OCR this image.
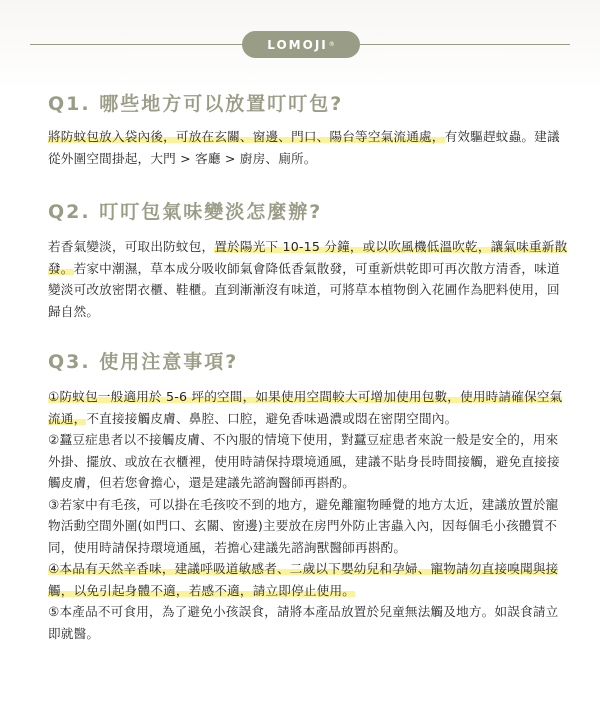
LOMOJI ®
Q1. 哪些地方可以放置叮叮包?

將防蚊包放入袋內後，可放在玄關、窗邊、門口、陽台等空氣流通處，有效驅趕蚊蟲。建議從外圍空間掛起，大門 > 客廳 > 廚房、廁所。

Q2. 叮叮包氣味變淡怎麼辦?

若香氣變淡，可取出防蚊包，置於陽光下 10-15 分鐘，或以吹風機低溫吹乾，讓氣味重新散發。若家中潮濕，草本成分吸收師氣會降低香氣散發，可重新烘乾即可再次散方清香，味道變淡可改放密閉衣櫃、鞋櫃。直到漸漸沒有味道，可將草本植物倒入花圃作為肥料使用，回歸自然。

Q3. 使用注意事項?

①防蚊包一般適用於 5-6 坪的空間，如果使用空間較大可增加使用包數，使用時請確保空氣流通，不直接接觸皮膚、鼻腔、口腔，避免香味過濃或悶在密閉空間內。

②蠶豆症患者以不接觸皮膚、不內服的情境下使用，對蠶豆症患者來說一般是安全的，用來外掛、擺放、或放在衣櫃裡，使用時請保持環境通風，建議不貼身長時間接觸，避免直接接觸皮膚，但若您會擔心，還是建議先諮詢醫師再斟酌。

③若家中有毛孩，可以掛在毛孩咬不到的地方，避免離寵物睡覺的地方太近，建議放置於寵物活動空間外圍(如門口、玄關、窗邊)主要放在房門外防止害蟲入內，因每個毛小孩體質不同，使用時請保持環境通風，若擔心建議先諮詢獸醫師再斟酌。

④本品有天然辛香味，建議呼吸道敏感者、二歲以下嬰幼兒和孕婦、寵物請勿直接嗅聞與接觸，以免引起身體不適，若感不適，請立即停止使用。

⑤本產品不可食用，為了避免小孩誤食，請將本產品放置於兒童無法觸及地方。如誤食請立即就醫。
